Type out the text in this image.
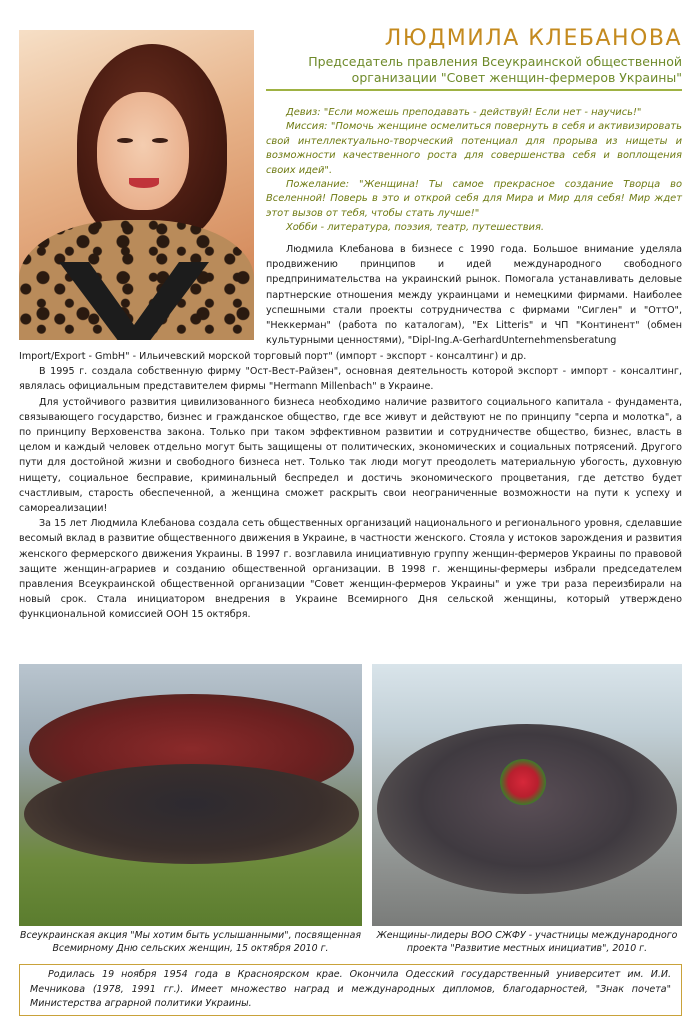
ЛЮДМИЛА КЛЕБАНОВА
Председатель правления Всеукраинской общественной
организации "Совет женщин-фермеров Украины"

Девиз: "Если можешь преподавать - действуй! Если нет - научись!"

Миссия: "Помочь женщине осмелиться повернуть в себя и активизировать свой интеллектуально-творческий потенциал для прорыва из нищеты и возможности качественного роста для совершенства себя и воплощения своих идей".

Пожелание: "Женщина! Ты самое прекрасное создание Творца во Вселенной! Поверь в это и открой себя для Мира и Мир для себя! Мир ждет этот вызов от тебя, чтобы стать лучше!"

Хобби - литература, поэзия, театр, путешествия.

Людмила Клебанова в бизнесе с 1990 года. Большое внимание уделяла продвижению принципов и идей международного свободного предпринимательства на украинский рынок. Помогала устанавливать деловые партнерские отношения между украинцами и немецкими фирмами. Наиболее успешными стали проекты сотрудничества с фирмами "Сиглен" и "ОттО", "Неккерман" (работа по каталогам), "Ex Litteris" и ЧП "Континент" (обмен культурными ценностями), "Dipl-Ing.A-GerhardUnternehmensberatung

Import/Export - GmbH" - Ильичевский морской торговый порт" (импорт - экспорт - консалтинг) и др.

В 1995 г. создала собственную фирму "Ост-Вест-Райзен", основная деятельность которой экспорт - импорт - консалтинг, являлась официальным представителем фирмы "Hermann Millenbach" в Украине.

Для устойчивого развития цивилизованного бизнеса необходимо наличие развитого социального капитала - фундамента, связывающего государство, бизнес и гражданское общество, где все живут и действуют не по принципу "серпа и молотка", а по принципу Верховенства закона. Только при таком эффективном развитии и сотрудничестве общество, бизнес, власть в целом и каждый человек отдельно могут быть защищены от политических, экономических и социальных потрясений. Другого пути для достойной жизни и свободного бизнеса нет. Только так люди могут преодолеть материальную убогость, духовную нищету, социальное бесправие, криминальный беспредел и достичь экономического процветания, где детство будет счастливым, старость обеспеченной, а женщина сможет раскрыть свои неограниченные возможности на пути к успеху и самореализации!

За 15 лет Людмила Клебанова создала сеть общественных организаций национального и регионального уровня, сделавшие весомый вклад в развитие общественного движения в Украине, в частности женского. Стояла у истоков зарождения и развития женского фермерского движения Украины. В 1997 г. возглавила инициативную группу женщин-фермеров Украины по правовой защите женщин-аграриев и созданию общественной организации. В 1998 г. женщины-фермеры избрали председателем правления Всеукраинской общественной организации "Совет женщин-фермеров Украины" и уже три раза переизбирали на новый срок. Стала инициатором внедрения в Украине Всемирного Дня сельской женщины, который утверждено функциональной комиссией ООН 15 октября.

Всеукраинская акция "Мы хотим быть услышанными", посвященная Всемирному Дню сельских женщин, 15 октября 2010 г.
Женщины-лидеры ВОО СЖФУ - участницы международного проекта "Развитие местных инициатив", 2010 г.
Родилась 19 ноября 1954 года в Красноярском крае. Окончила Одесский государственный университет им. И.И. Мечникова (1978, 1991 гг.). Имеет множество наград и международных дипломов, благодарностей, "Знак почета" Министерства аграрной политики Украины.
